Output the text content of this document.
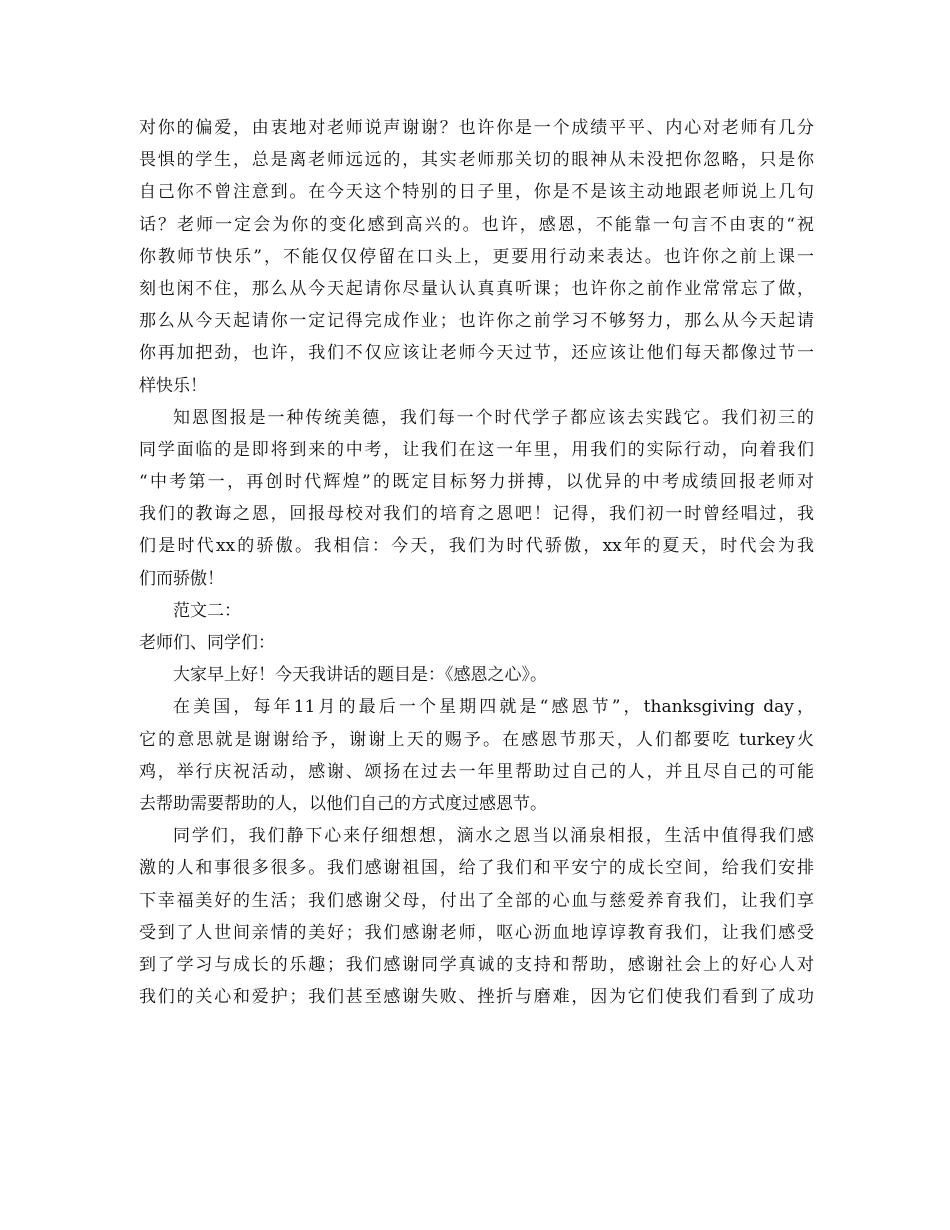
对你的偏爱，由衷地对老师说声谢谢？也许你是一个成绩平平、内心对老师有几分
畏惧的学生，总是离老师远远的，其实老师那关切的眼神从未没把你忽略，只是你
自己你不曾注意到。在今天这个特别的日子里，你是不是该主动地跟老师说上几句
话？老师一定会为你的变化感到高兴的。也许，感恩，不能靠一句言不由衷的“祝
你教师节快乐”，不能仅仅停留在口头上，更要用行动来表达。也许你之前上课一
刻也闲不住，那么从今天起请你尽量认认真真听课；也许你之前作业常常忘了做，
那么从今天起请你一定记得完成作业；也许你之前学习不够努力，那么从今天起请
你再加把劲，也许，我们不仅应该让老师今天过节，还应该让他们每天都像过节一
样快乐！
知恩图报是一种传统美德，我们每一个时代学子都应该去实践它。我们初三的
同学面临的是即将到来的中考，让我们在这一年里，用我们的实际行动，向着我们
“中考第一，再创时代辉煌”的既定目标努力拼搏，以优异的中考成绩回报老师对
我们的教诲之恩，回报母校对我们的培育之恩吧！记得，我们初一时曾经唱过，我
们是时代xx的骄傲。我相信：今天，我们为时代骄傲，xx年的夏天，时代会为我
们而骄傲！
范文二：
老师们、同学们：
大家早上好！今天我讲话的题目是：《感恩之心》。
在美国，每年11月的最后一个星期四就是“感恩节”，thanksgiving day，
它的意思就是谢谢给予，谢谢上天的赐予。在感恩节那天，人们都要吃 turkey火
鸡，举行庆祝活动，感谢、颂扬在过去一年里帮助过自己的人，并且尽自己的可能
去帮助需要帮助的人，以他们自己的方式度过感恩节。
同学们，我们静下心来仔细想想，滴水之恩当以涌泉相报，生活中值得我们感
激的人和事很多很多。我们感谢祖国，给了我们和平安宁的成长空间，给我们安排
下幸福美好的生活；我们感谢父母，付出了全部的心血与慈爱养育我们，让我们享
受到了人世间亲情的美好；我们感谢老师，呕心沥血地谆谆教育我们，让我们感受
到了学习与成长的乐趣；我们感谢同学真诚的支持和帮助，感谢社会上的好心人对
我们的关心和爱护；我们甚至感谢失败、挫折与磨难，因为它们使我们看到了成功
